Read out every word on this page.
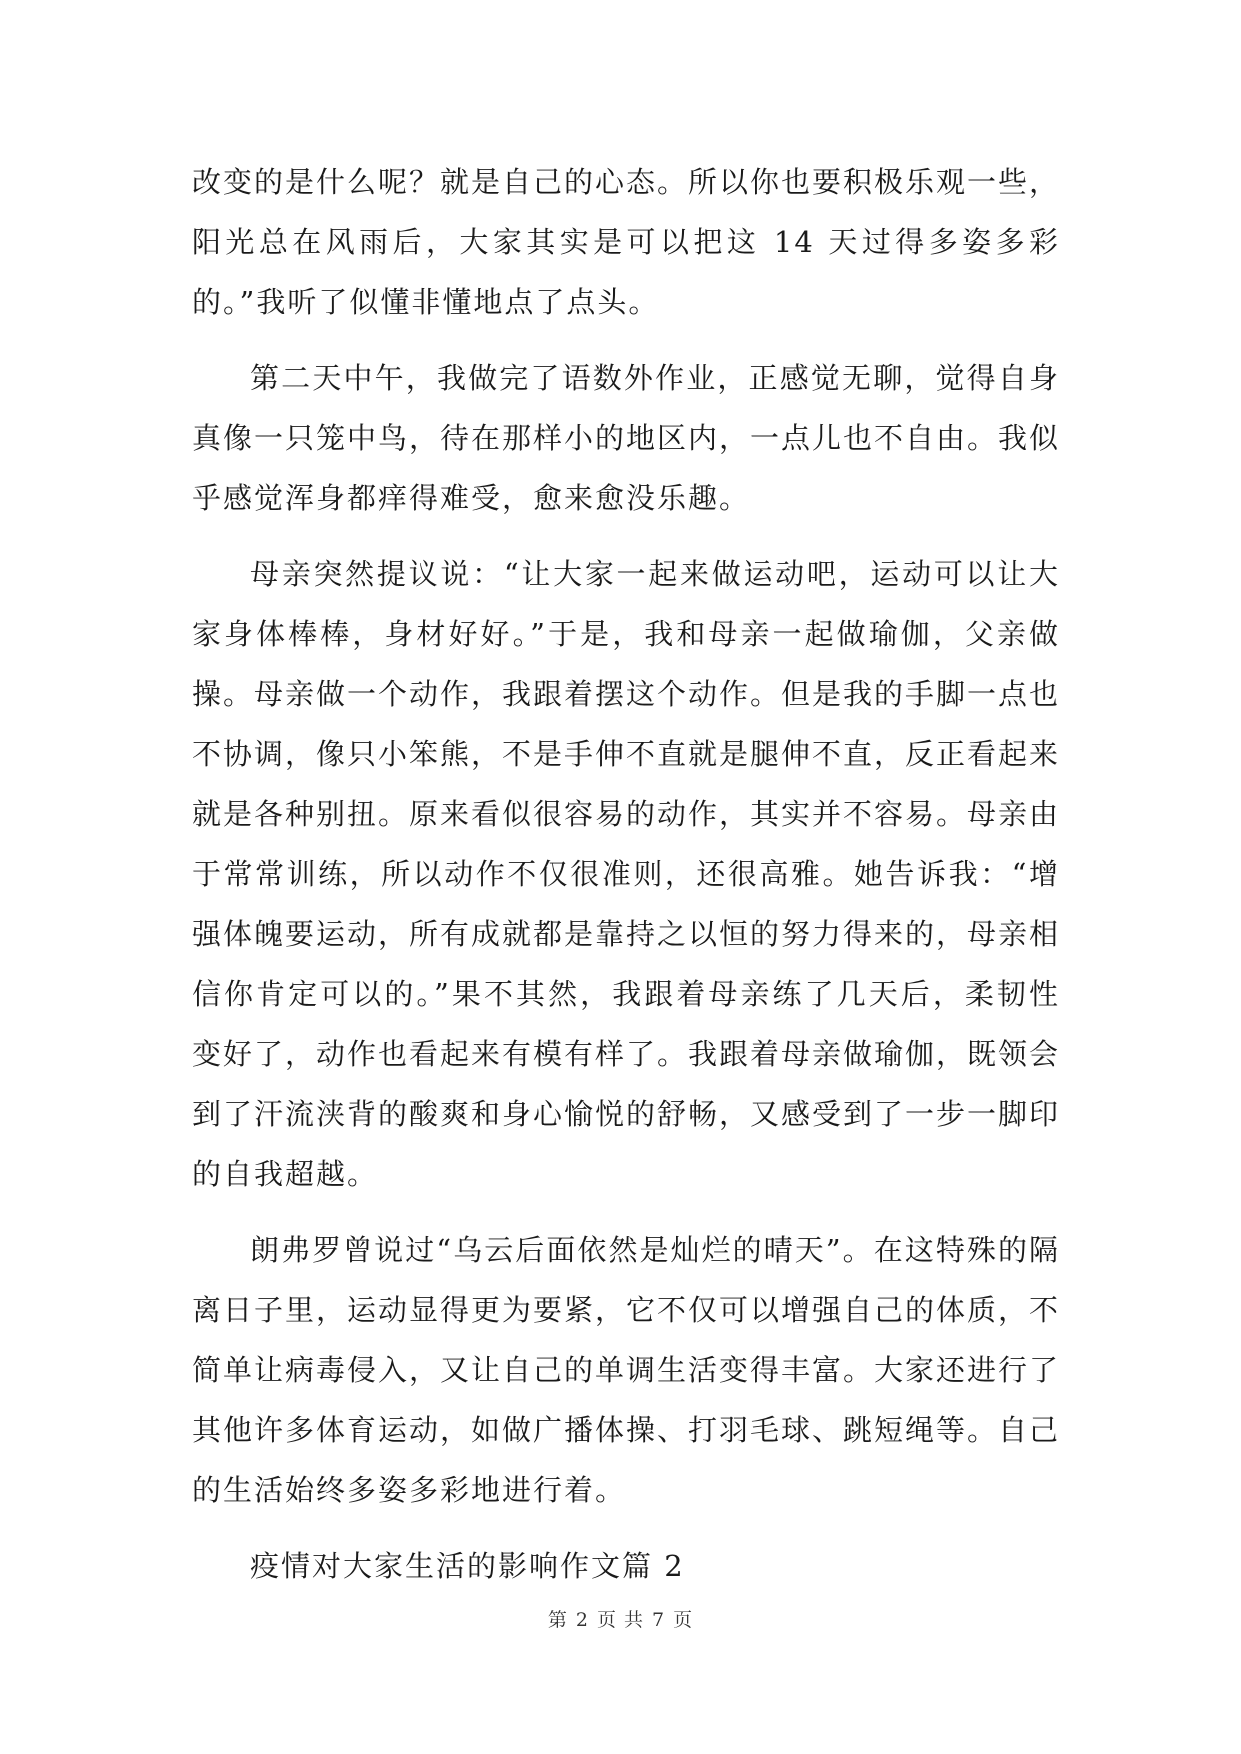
改变的是什么呢？就是自己的心态。所以你也要积极乐观一些，阳光总在风雨后，大家其实是可以把这 14 天过得多姿多彩的。”我听了似懂非懂地点了点头。

第二天中午，我做完了语数外作业，正感觉无聊，觉得自身真像一只笼中鸟，待在那样小的地区内，一点儿也不自由。我似乎感觉浑身都痒得难受，愈来愈没乐趣。

母亲突然提议说：“让大家一起来做运动吧，运动可以让大家身体棒棒，身材好好。”于是，我和母亲一起做瑜伽，父亲做操。母亲做一个动作，我跟着摆这个动作。但是我的手脚一点也不协调，像只小笨熊，不是手伸不直就是腿伸不直，反正看起来就是各种别扭。原来看似很容易的动作，其实并不容易。母亲由于常常训练，所以动作不仅很准则，还很高雅。她告诉我：“增强体魄要运动，所有成就都是靠持之以恒的努力得来的，母亲相信你肯定可以的。”果不其然，我跟着母亲练了几天后，柔韧性变好了，动作也看起来有模有样了。我跟着母亲做瑜伽，既领会到了汗流浃背的酸爽和身心愉悦的舒畅，又感受到了一步一脚印的自我超越。

朗弗罗曾说过“乌云后面依然是灿烂的晴天”。在这特殊的隔离日子里，运动显得更为要紧，它不仅可以增强自己的体质，不简单让病毒侵入，又让自己的单调生活变得丰富。大家还进行了其他许多体育运动，如做广播体操、打羽毛球、跳短绳等。自己的生活始终多姿多彩地进行着。

疫情对大家生活的影响作文篇 2

第 2 页 共 7 页
